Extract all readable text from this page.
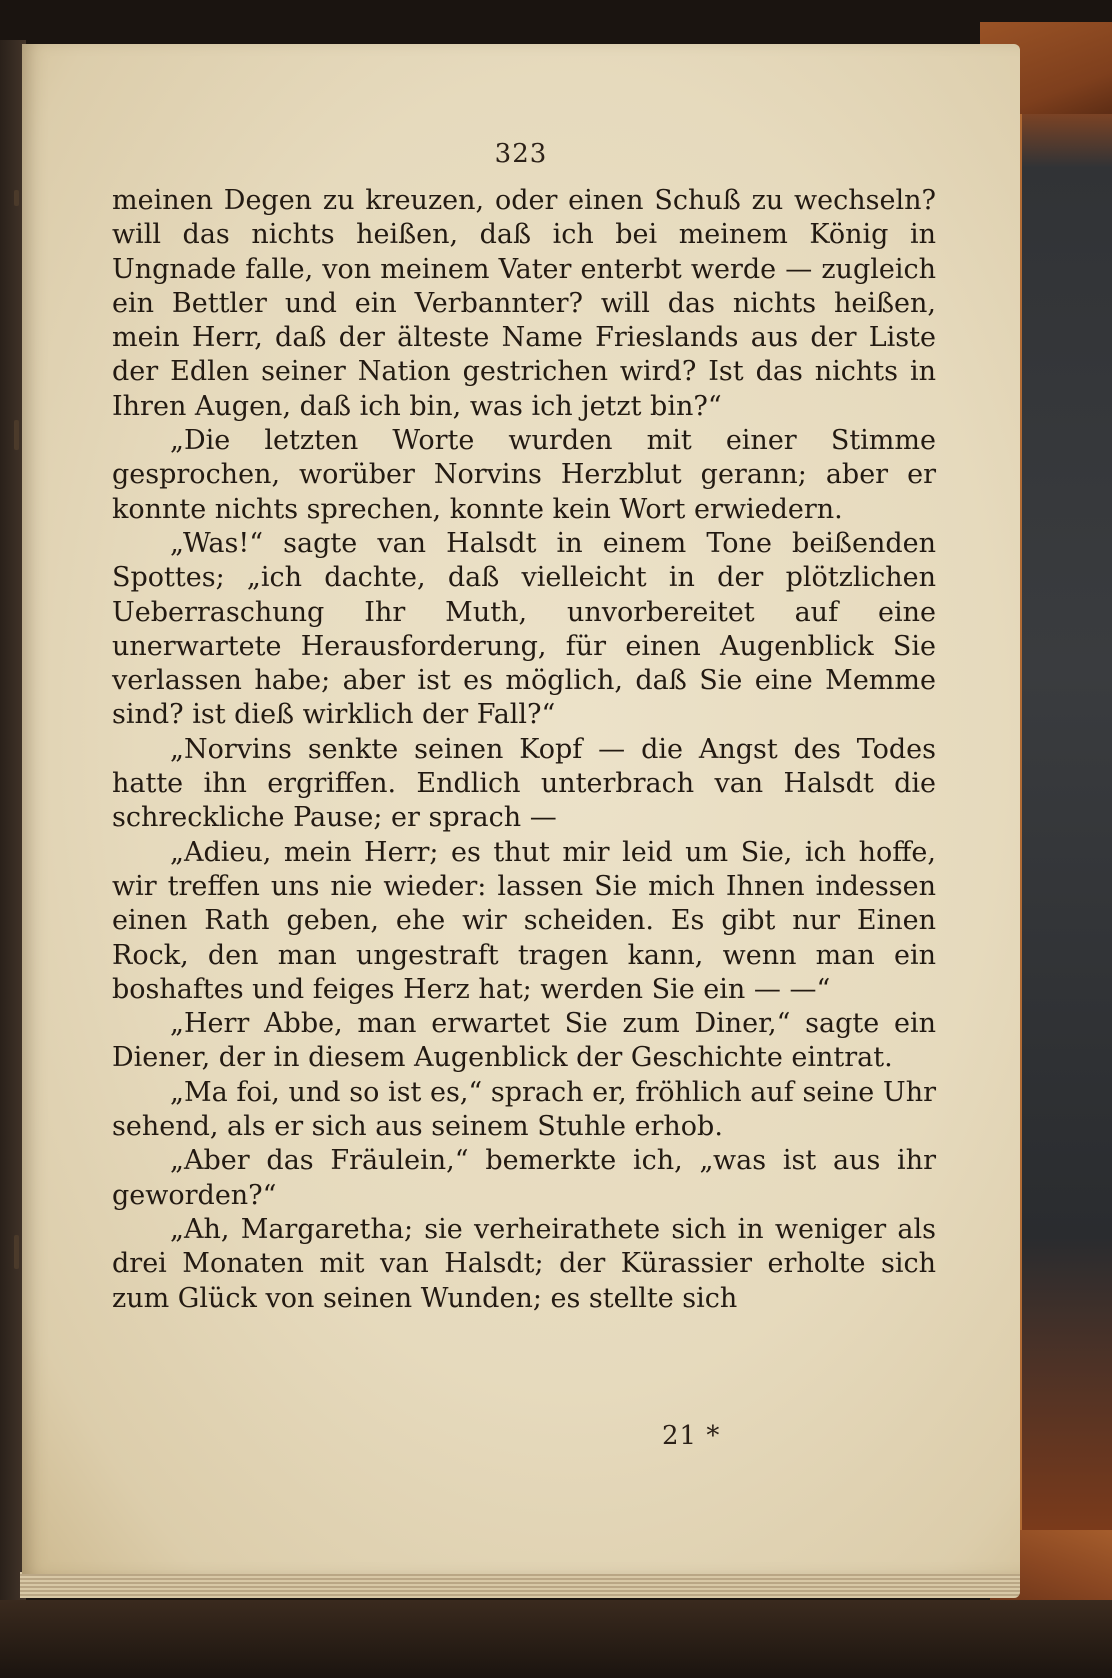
323

meinen Degen zu kreuzen, oder einen Schuß zu wechseln? will das nichts heißen, daß ich bei meinem König in Ungnade falle, von meinem Vater enterbt werde — zugleich ein Bettler und ein Verbannter? will das nichts heißen, mein Herr, daß der älteste Name Frieslands aus der Liste der Edlen seiner Nation gestrichen wird? Ist das nichts in Ihren Augen, daß ich bin, was ich jetzt bin?“

„Die letzten Worte wurden mit einer Stimme gesprochen, worüber Norvins Herzblut gerann; aber er konnte nichts sprechen, konnte kein Wort erwiedern.

„Was!“ sagte van Halsdt in einem Tone beißenden Spottes; „ich dachte, daß vielleicht in der plötzlichen Ueberraschung Ihr Muth, unvorbereitet auf eine unerwartete Herausforderung, für einen Augenblick Sie verlassen habe; aber ist es möglich, daß Sie eine Memme sind? ist dieß wirklich der Fall?“

„Norvins senkte seinen Kopf — die Angst des Todes hatte ihn ergriffen. Endlich unterbrach van Halsdt die schreckliche Pause; er sprach —

„Adieu, mein Herr; es thut mir leid um Sie, ich hoffe, wir treffen uns nie wieder: lassen Sie mich Ihnen indessen einen Rath geben, ehe wir scheiden. Es gibt nur Einen Rock, den man ungestraft tragen kann, wenn man ein boshaftes und feiges Herz hat; werden Sie ein — —“

„Herr Abbe, man erwartet Sie zum Diner,“ sagte ein Diener, der in diesem Augenblick der Geschichte eintrat.

„Ma foi, und so ist es,“ sprach er, fröhlich auf seine Uhr sehend, als er sich aus seinem Stuhle erhob.

„Aber das Fräulein,“ bemerkte ich, „was ist aus ihr geworden?“

„Ah, Margaretha; sie verheirathete sich in weniger als drei Monaten mit van Halsdt; der Kürassier erholte sich zum Glück von seinen Wunden; es stellte sich

21 *
